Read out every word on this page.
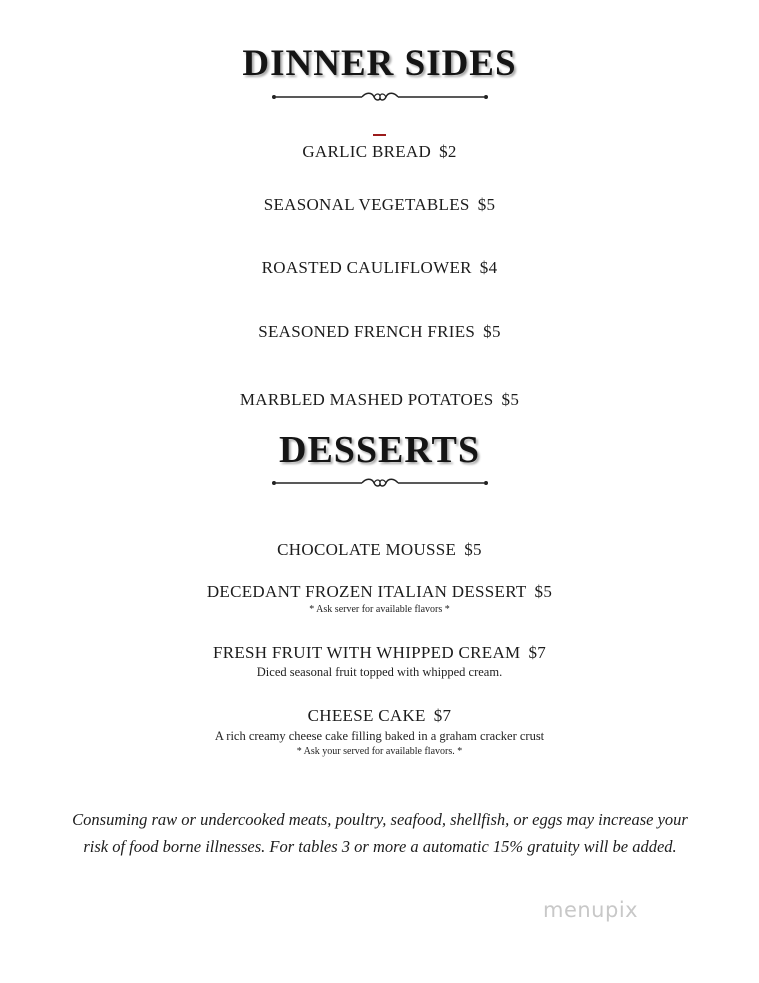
DINNER SIDES
GARLIC BREAD $2
SEASONAL VEGETABLES $5
ROASTED CAULIFLOWER $4
SEASONED FRENCH FRIES $5
MARBLED MASHED POTATOES $5
DESSERTS
CHOCOLATE MOUSSE $5
DECEDANT FROZEN ITALIAN DESSERT $5
* Ask server for available flavors *
FRESH FRUIT WITH WHIPPED CREAM $7
Diced seasonal fruit topped with whipped cream.
CHEESE CAKE $7
A rich creamy cheese cake filling baked in a graham cracker crust
* Ask your served for available flavors. *
Consuming raw or undercooked meats, poultry, seafood, shellfish, or eggs may increase your
risk of food borne illnesses. For tables 3 or more a automatic 15% gratuity will be added.
menupix
